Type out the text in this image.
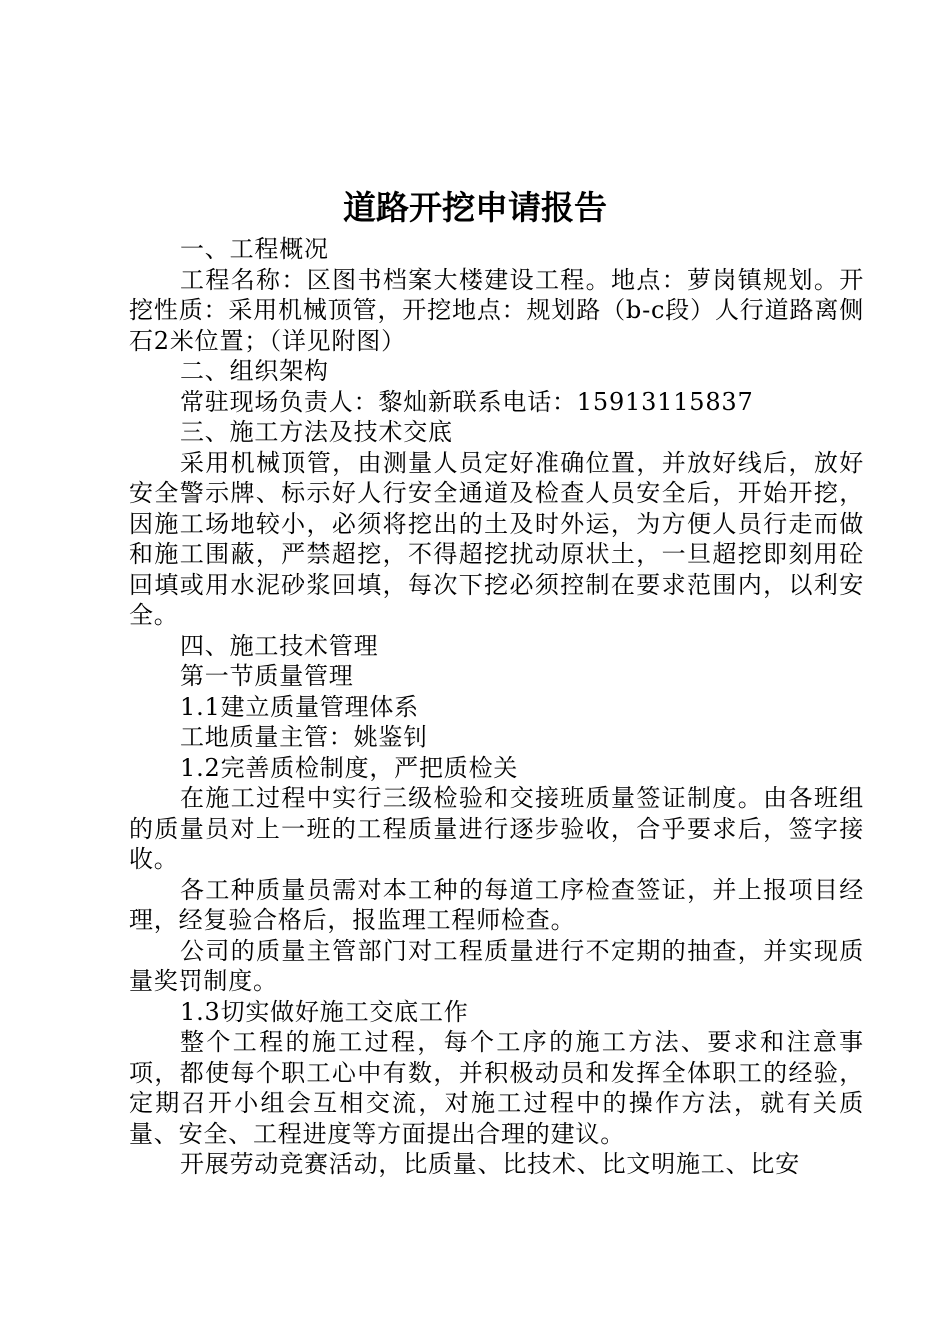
道路开挖申请报告

一、工程概况

工程名称：区图书档案大楼建设工程。地点：萝岗镇规划。开挖性质：采用机械顶管，开挖地点：规划路（b-c段）人行道路离侧石2米位置；（详见附图）

二、组织架构

常驻现场负责人：黎灿新联系电话：15913115837

三、施工方法及技术交底

采用机械顶管，由测量人员定好准确位置，并放好线后，放好安全警示牌、标示好人行安全通道及检查人员安全后，开始开挖，因施工场地较小，必须将挖出的土及时外运，为方便人员行走而做和施工围蔽，严禁超挖，不得超挖扰动原状土，一旦超挖即刻用砼回填或用水泥砂浆回填，每次下挖必须控制在要求范围内，以利安全。

四、施工技术管理

第一节质量管理

1.1建立质量管理体系

工地质量主管：姚鉴钊

1.2完善质检制度，严把质检关

在施工过程中实行三级检验和交接班质量签证制度。由各班组的质量员对上一班的工程质量进行逐步验收，合乎要求后，签字接收。

各工种质量员需对本工种的每道工序检查签证，并上报项目经理，经复验合格后，报监理工程师检查。

公司的质量主管部门对工程质量进行不定期的抽查，并实现质量奖罚制度。

1.3切实做好施工交底工作

整个工程的施工过程，每个工序的施工方法、要求和注意事项，都使每个职工心中有数，并积极动员和发挥全体职工的经验，定期召开小组会互相交流，对施工过程中的操作方法，就有关质量、安全、工程进度等方面提出合理的建议。

开展劳动竞赛活动，比质量、比技术、比文明施工、比安
